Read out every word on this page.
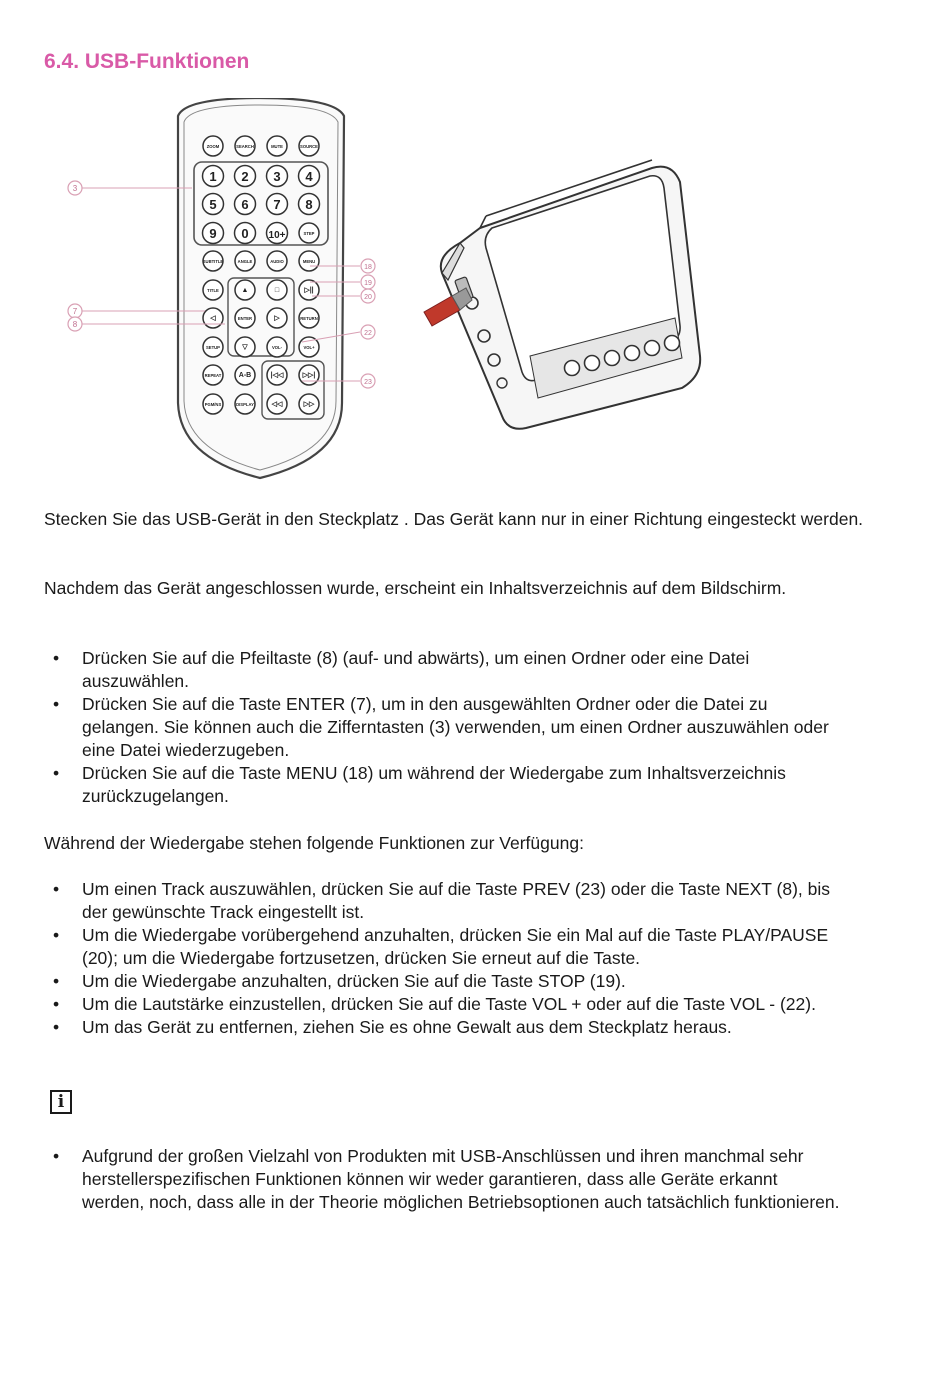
6.4. USB-Funktionen
ZOOM	SEARCH	MUTE	SOURCE
1 2 3 4
5 6 7 8
9 0 10+	STEP
SUBTITLE	ANGLE	AUDIO	MENU
TITLE	▲	□	▷||
◁	ENTER	▷	RETURN
SETUP	▽	VOL-	VOL+
REPEAT A-B	|◁◁	▷▷|
PGM/NS	DISPLAY	◁◁	▷▷
3
18
19
20
7
8
22
23

Stecken Sie das USB-Gerät in den Steckplatz . Das Gerät kann nur in einer Richtung eingesteckt werden.

Nachdem das Gerät angeschlossen wurde, erscheint ein Inhaltsverzeichnis auf dem Bildschirm.

• Drücken Sie auf die Pfeiltaste (8) (auf- und abwärts), um einen Ordner oder eine Datei auszuwählen.
• Drücken Sie auf die Taste ENTER (7), um in den ausgewählten Ordner oder die Datei zu gelangen. Sie können auch die Zifferntasten (3) verwenden, um einen Ordner auszuwählen oder eine Datei wiederzugeben.
• Drücken Sie auf die Taste MENU (18) um während der Wiedergabe zum Inhaltsverzeichnis zurückzugelangen.

Während der Wiedergabe stehen folgende Funktionen zur Verfügung:

• Um einen Track auszuwählen, drücken Sie auf die Taste PREV (23) oder die Taste NEXT (8), bis der gewünschte Track eingestellt ist.
• Um die Wiedergabe vorübergehend anzuhalten, drücken Sie ein Mal auf die Taste PLAY/PAUSE (20); um die Wiedergabe fortzusetzen, drücken Sie erneut auf die Taste.
• Um die Wiedergabe anzuhalten, drücken Sie auf die Taste STOP (19).
• Um die Lautstärke einzustellen, drücken Sie auf die Taste VOL + oder auf die Taste VOL - (22).
• Um das Gerät zu entfernen, ziehen Sie es ohne Gewalt aus dem Steckplatz heraus.
i
• Aufgrund der großen Vielzahl von Produkten mit USB-Anschlüssen und ihren manchmal sehr herstellerspezifischen Funktionen können wir weder garantieren, dass alle Geräte erkannt werden, noch, dass alle in der Theorie möglichen Betriebsoptionen auch tatsächlich funktionieren.
